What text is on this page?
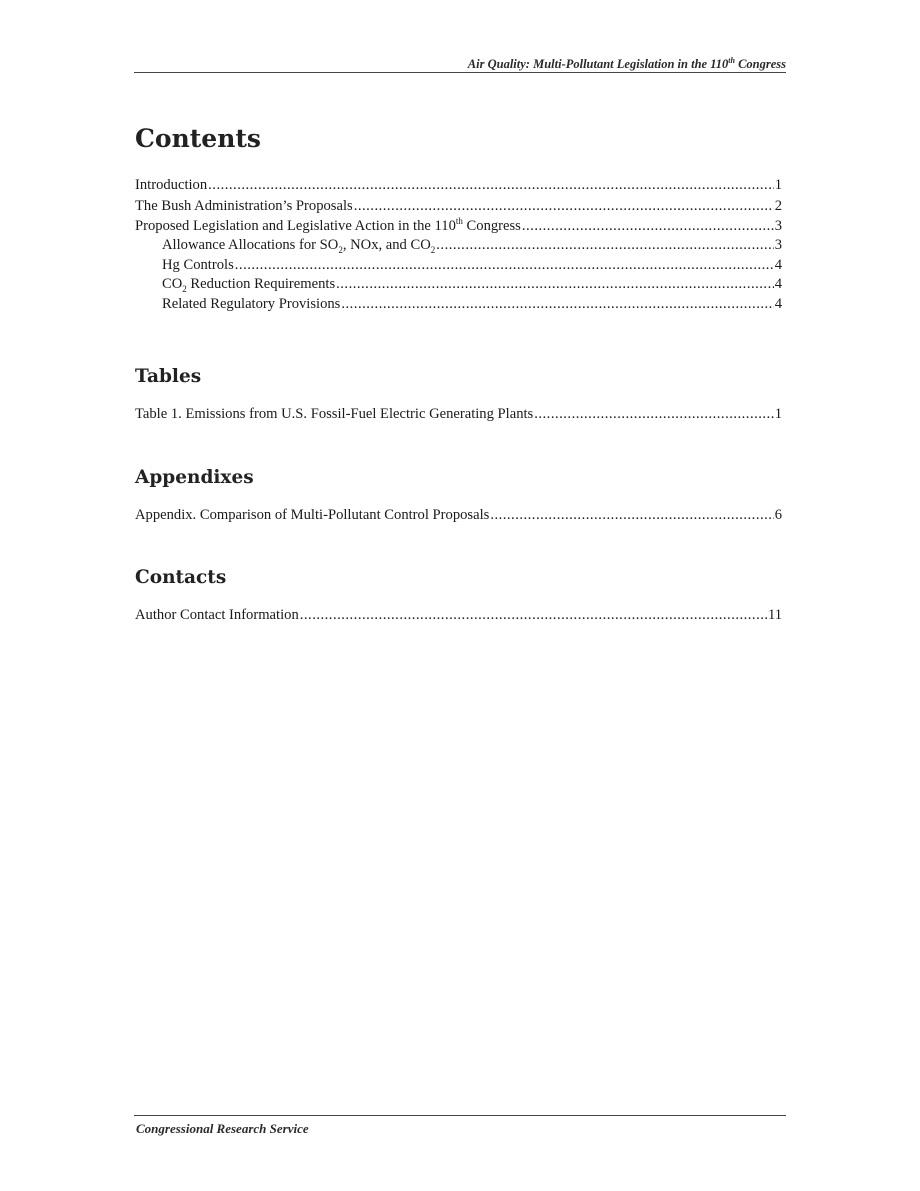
Air Quality: Multi-Pollutant Legislation in the 110th Congress
Contents
Introduction .....	1
The Bush Administration’s Proposals .....	2
Proposed Legislation and Legislative Action in the 110th Congress .....	3
Allowance Allocations for $SO_2$, NOx, and $CO_2$ .....	3
Hg Controls .....	4
$CO_2$ Reduction Requirements .....	4
Related Regulatory Provisions .....	4
Tables
Table 1. Emissions from U.S. Fossil-Fuel Electric Generating Plants .....	1
Appendixes
Appendix. Comparison of Multi-Pollutant Control Proposals .....	6
Contacts
Author Contact Information .....	11
Congressional Research Service
